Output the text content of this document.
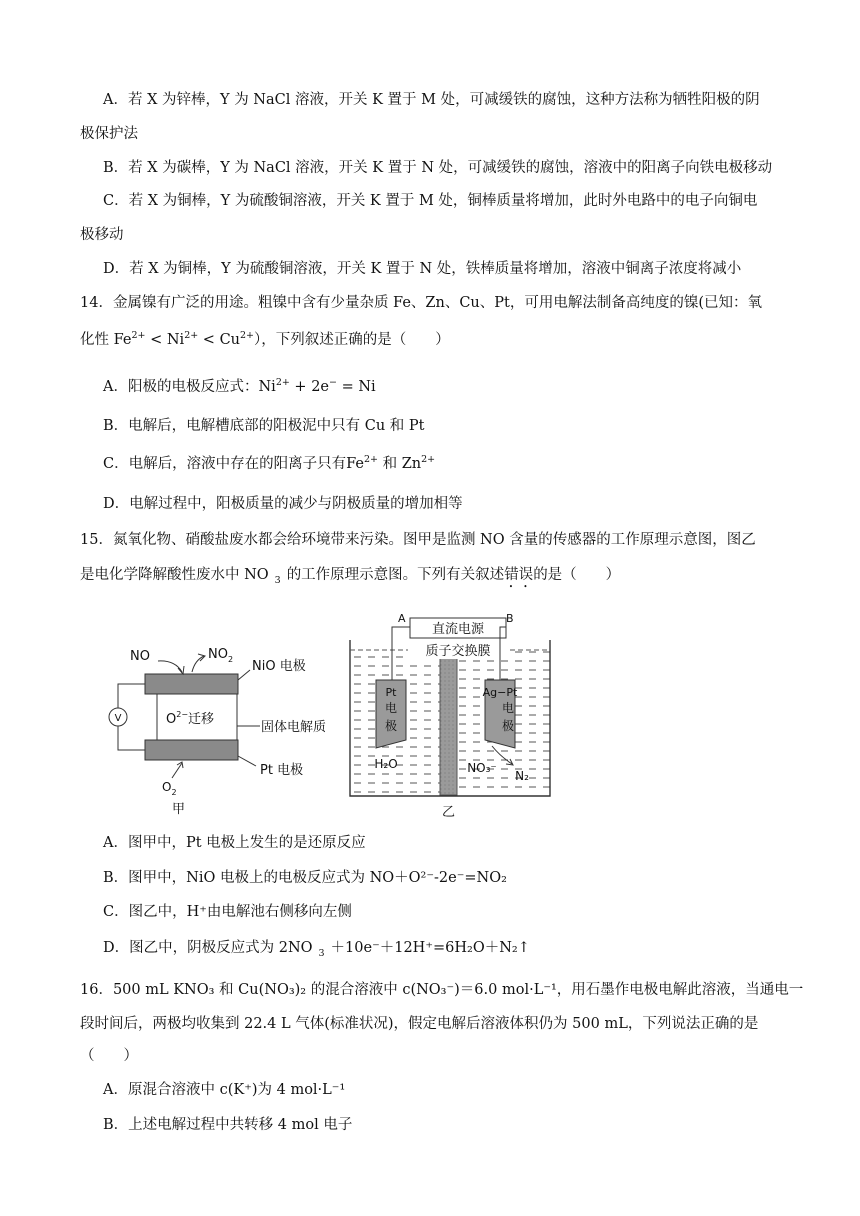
A．若 X 为锌棒，Y 为 NaCl 溶液，开关 K 置于 M 处，可减缓铁的腐蚀，这种方法称为牺牲阳极的阴
极保护法
B．若 X 为碳棒，Y 为 NaCl 溶液，开关 K 置于 N 处，可减缓铁的腐蚀，溶液中的阳离子向铁电极移动
C．若 X 为铜棒，Y 为硫酸铜溶液，开关 K 置于 M 处，铜棒质量将增加，此时外电路中的电子向铜电
极移动
D．若 X 为铜棒，Y 为硫酸铜溶液，开关 K 置于 N 处，铁棒质量将增加，溶液中铜离子浓度将减小
14．金属镍有广泛的用途。粗镍中含有少量杂质 Fe、Zn、Cu、Pt，可用电解法制备高纯度的镍(已知：氧
化性 $Fe^{2+} < Ni^{2+} < Cu^{2+}$），下列叙述正确的是（　　）
A．阳极的电极反应式：$Ni^{2+} + 2e^- = Ni$
B．电解后，电解槽底部的阳极泥中只有 Cu 和 Pt
C．电解后，溶液中存在的阳离子只有$Fe^{2+}$ 和 $Zn^{2+}$
D．电解过程中，阳极质量的减少与阴极质量的增加相等
15．氮氧化物、硝酸盐废水都会给环境带来污染。图甲是监测 NO 含量的传感器的工作原理示意图，图乙
是电化学降解酸性废水中 NO 3 的工作原理示意图。下列有关叙述错误的是（　　）
V	$O^{2-}$迁移
NO	$NO_2$ NiO 电极
固体电解质
Pt 电极
$O_2$
甲
直流电源
质子交换膜
A	B
Pt
电
极
H₂O
Ag−Pt
电
极
NO₃⁻
N₂
乙
A．图甲中，Pt 电极上发生的是还原反应
B．图甲中，NiO 电极上的电极反应式为 NO＋O²⁻-2e⁻=NO₂
C．图乙中，H⁺由电解池右侧移向左侧
D．图乙中，阴极反应式为 2NO 3 ＋10e⁻＋12H⁺=6H₂O＋N₂↑
16．500 mL KNO₃ 和 Cu(NO₃)₂ 的混合溶液中 c(NO₃⁻)＝6.0 mol·L⁻¹，用石墨作电极电解此溶液，当通电一
段时间后，两极均收集到 22.4 L 气体(标准状况)，假定电解后溶液体积仍为 500 mL，下列说法正确的是
（　　）
A．原混合溶液中 c(K⁺)为 4 mol·L⁻¹
B．上述电解过程中共转移 4 mol 电子
